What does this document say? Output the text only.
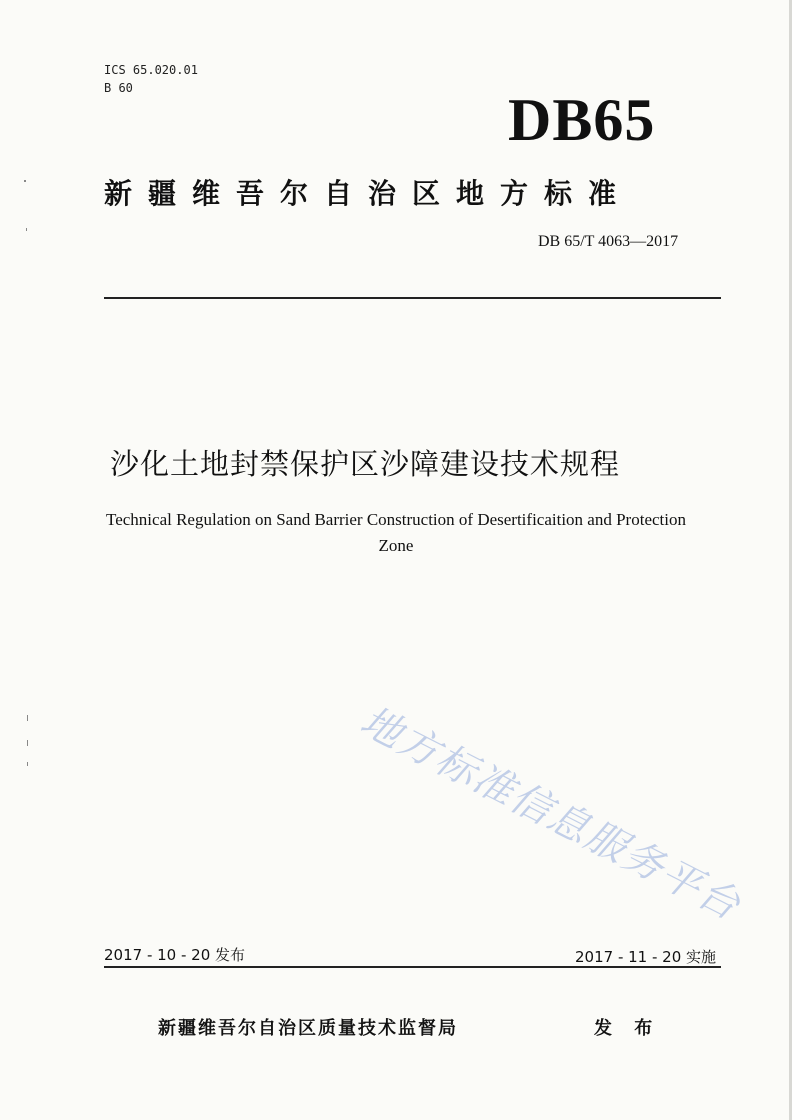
ICS 65.020.01
B 60	DB65
新疆维吾尔自治区地方标准
DB 65/T 4063—2017
沙化土地封禁保护区沙障建设技术规程
Technical Regulation on Sand Barrier Construction of Desertificaition and Protection
Zone
地方标准信息服务平台
2017 - 10 - 20 发布	2017 - 11 - 20 实施
新疆维吾尔自治区质量技术监督局	发 布
